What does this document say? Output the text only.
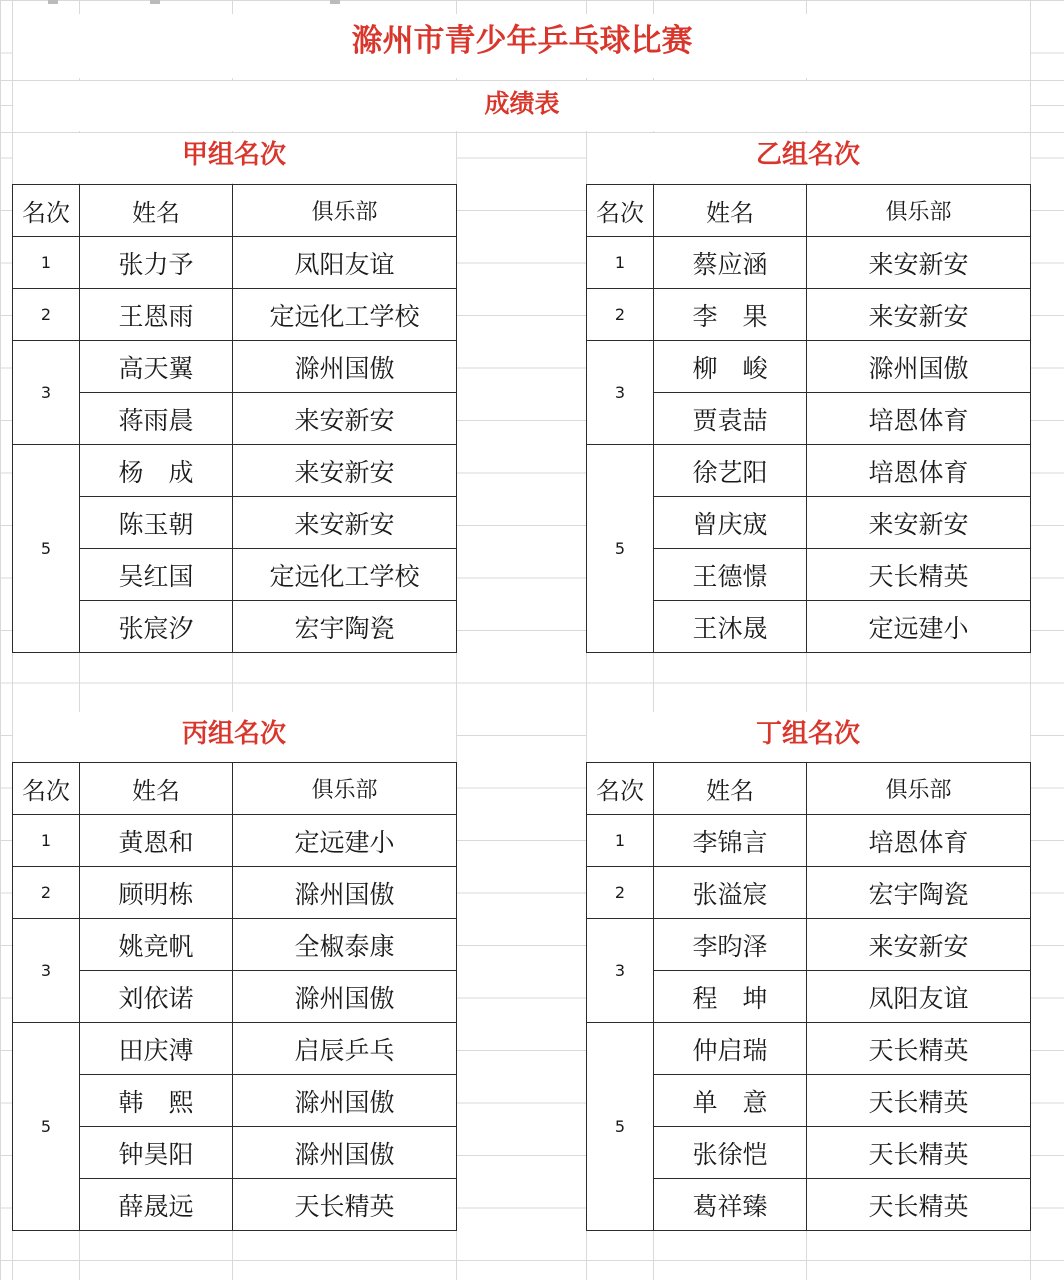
滁州市青少年乒乓球比赛
成绩表
甲组名次
名次	姓名	俱乐部
1	张力予	凤阳友谊
2	王恩雨	定远化工学校
3	高天翼	滁州国傲
	蒋雨晨	来安新安
5	杨　成	来安新安
	陈玉朝	来安新安
	吴红国	定远化工学校
	张宸汐	宏宇陶瓷
乙组名次
名次	姓名	俱乐部
1	蔡应涵	来安新安
2	李　果	来安新安
3	柳　峻	滁州国傲
	贾袁喆	培恩体育
5	徐艺阳	培恩体育
	曾庆宬	来安新安
	王德憬	天长精英
	王沐晟	定远建小
丙组名次
名次	姓名	俱乐部
1	黄恩和	定远建小
2	顾明栋	滁州国傲
3	姚竞帆	全椒泰康
	刘依诺	滁州国傲
5	田庆溥	启辰乒乓
	韩　熙	滁州国傲
	钟昊阳	滁州国傲
	薛晟远	天长精英
丁组名次
名次	姓名	俱乐部
1	李锦言	培恩体育
2	张溢宸	宏宇陶瓷
3	李昀泽	来安新安
	程　坤	凤阳友谊
5	仲启瑞	天长精英
	单　意	天长精英
	张徐恺	天长精英
	葛祥臻	天长精英
